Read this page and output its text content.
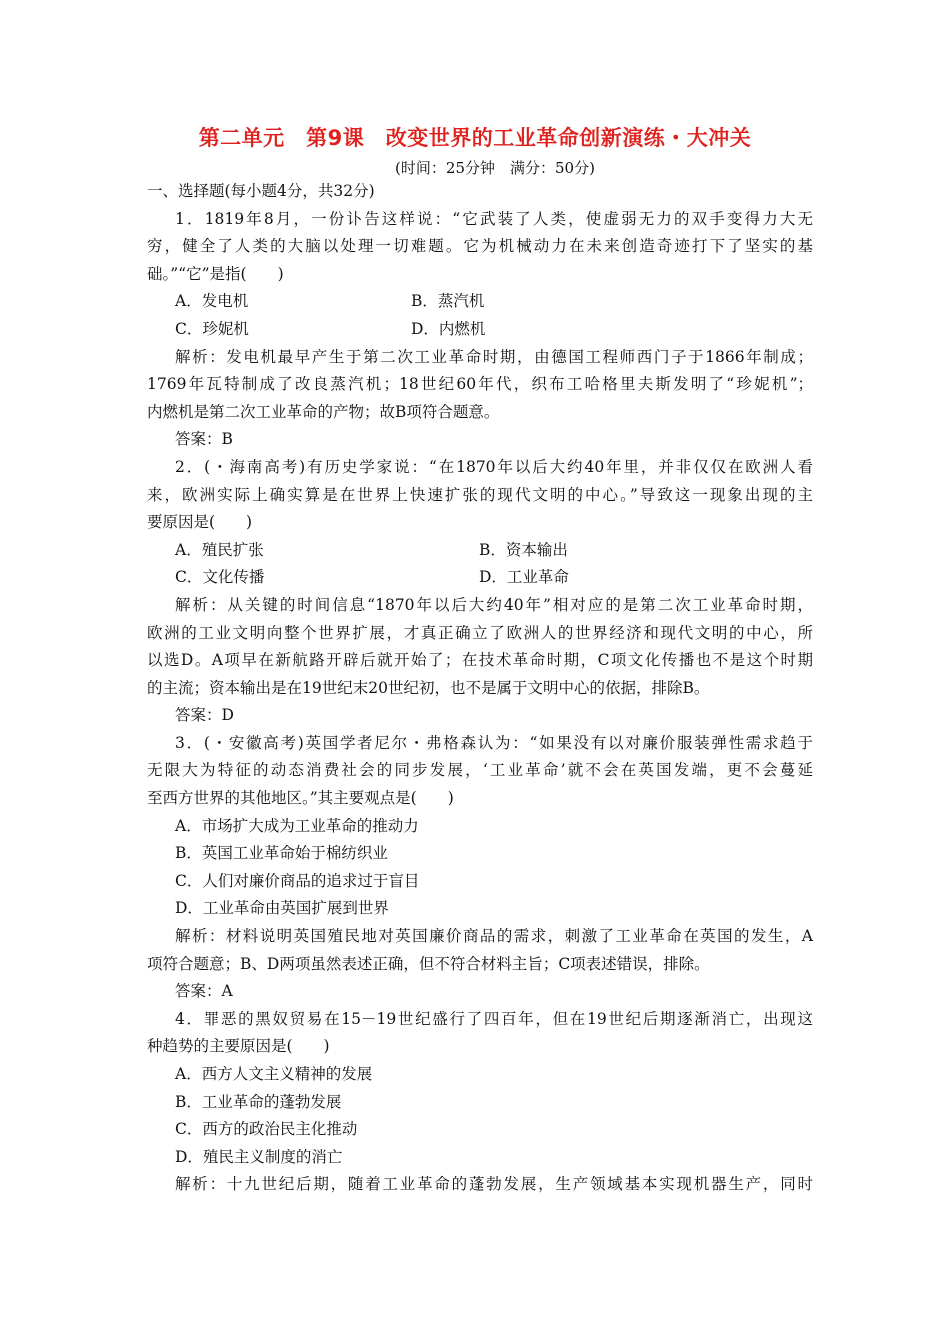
第二单元　第9课　改变世界的工业革命创新演练・大冲关
(时间：25分钟　满分：50分)
一、选择题(每小题4分，共32分)
1．1819年8月，一份讣告这样说：“它武装了人类，使虚弱无力的双手变得力大无
穷，健全了人类的大脑以处理一切难题。它为机械动力在未来创造奇迹打下了坚实的基
础。”“它”是指(　　)
A．发电机	B．蒸汽机
C．珍妮机	D．内燃机
解析：发电机最早产生于第二次工业革命时期，由德国工程师西门子于1866年制成；
1769年瓦特制成了改良蒸汽机；18世纪60年代，织布工哈格里夫斯发明了“珍妮机”；
内燃机是第二次工业革命的产物；故B项符合题意。
答案：B
2．(・海南高考)有历史学家说：“在1870年以后大约40年里，并非仅仅在欧洲人看
来，欧洲实际上确实算是在世界上快速扩张的现代文明的中心。”导致这一现象出现的主
要原因是(　　)
A．殖民扩张	B．资本输出
C．文化传播	D．工业革命
解析：从关键的时间信息“1870年以后大约40年”相对应的是第二次工业革命时期，
欧洲的工业文明向整个世界扩展，才真正确立了欧洲人的世界经济和现代文明的中心，所
以选D。A项早在新航路开辟后就开始了；在技术革命时期，C项文化传播也不是这个时期
的主流；资本输出是在19世纪末20世纪初，也不是属于文明中心的依据，排除B。
答案：D
3．(・安徽高考)英国学者尼尔・弗格森认为：“如果没有以对廉价服装弹性需求趋于
无限大为特征的动态消费社会的同步发展，‘工业革命’就不会在英国发端，更不会蔓延
至西方世界的其他地区。”其主要观点是(　　)
A．市场扩大成为工业革命的推动力
B．英国工业革命始于棉纺织业
C．人们对廉价商品的追求过于盲目
D．工业革命由英国扩展到世界
解析：材料说明英国殖民地对英国廉价商品的需求，刺激了工业革命在英国的发生，A
项符合题意；B、D两项虽然表述正确，但不符合材料主旨；C项表述错误，排除。
答案：A
4．罪恶的黑奴贸易在15－19世纪盛行了四百年，但在19世纪后期逐渐消亡，出现这
种趋势的主要原因是(　　)
A．西方人文主义精神的发展
B．工业革命的蓬勃发展
C．西方的政治民主化推动
D．殖民主义制度的消亡
解析：十九世纪后期，随着工业革命的蓬勃发展，生产领域基本实现机器生产，同时
